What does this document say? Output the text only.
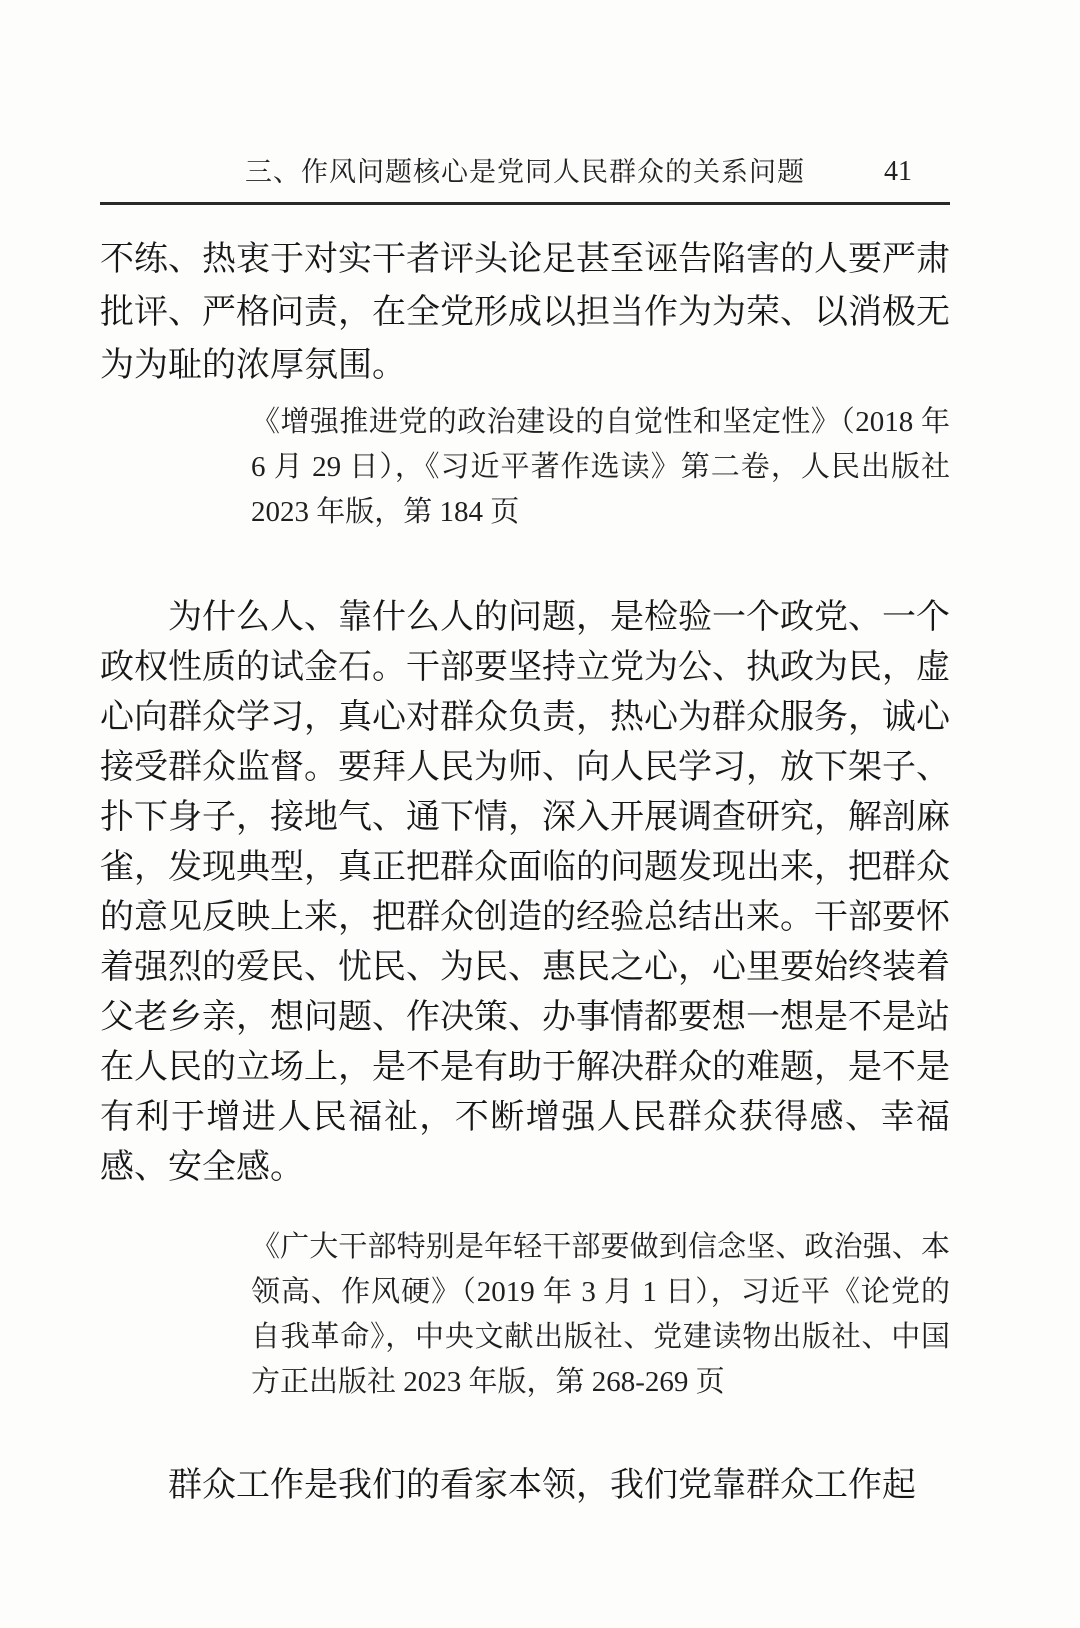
三、作风问题核心是党同人民群众的关系问题	41

不练、热衷于对实干者评头论足甚至诬告陷害的人要严肃批评、严格问责，在全党形成以担当作为为荣、以消极无为为耻的浓厚氛围。

《增强推进党的政治建设的自觉性和坚定性》（2018 年 6 月 29 日），《习近平著作选读》第二卷，人民出版社 2023 年版，第 184 页

为什么人、靠什么人的问题，是检验一个政党、一个政权性质的试金石。干部要坚持立党为公、执政为民，虚心向群众学习，真心对群众负责，热心为群众服务，诚心接受群众监督。要拜人民为师、向人民学习，放下架子、扑下身子，接地气、通下情，深入开展调查研究，解剖麻雀，发现典型，真正把群众面临的问题发现出来，把群众的意见反映上来，把群众创造的经验总结出来。干部要怀着强烈的爱民、忧民、为民、惠民之心，心里要始终装着父老乡亲，想问题、作决策、办事情都要想一想是不是站在人民的立场上，是不是有助于解决群众的难题，是不是有利于增进人民福祉，不断增强人民群众获得感、幸福感、安全感。

《广大干部特别是年轻干部要做到信念坚、政治强、本领高、作风硬》（2019 年 3 月 1 日），习近平《论党的自我革命》，中央文献出版社、党建读物出版社、中国方正出版社 2023 年版，第 268-269 页

群众工作是我们的看家本领，我们党靠群众工作起
